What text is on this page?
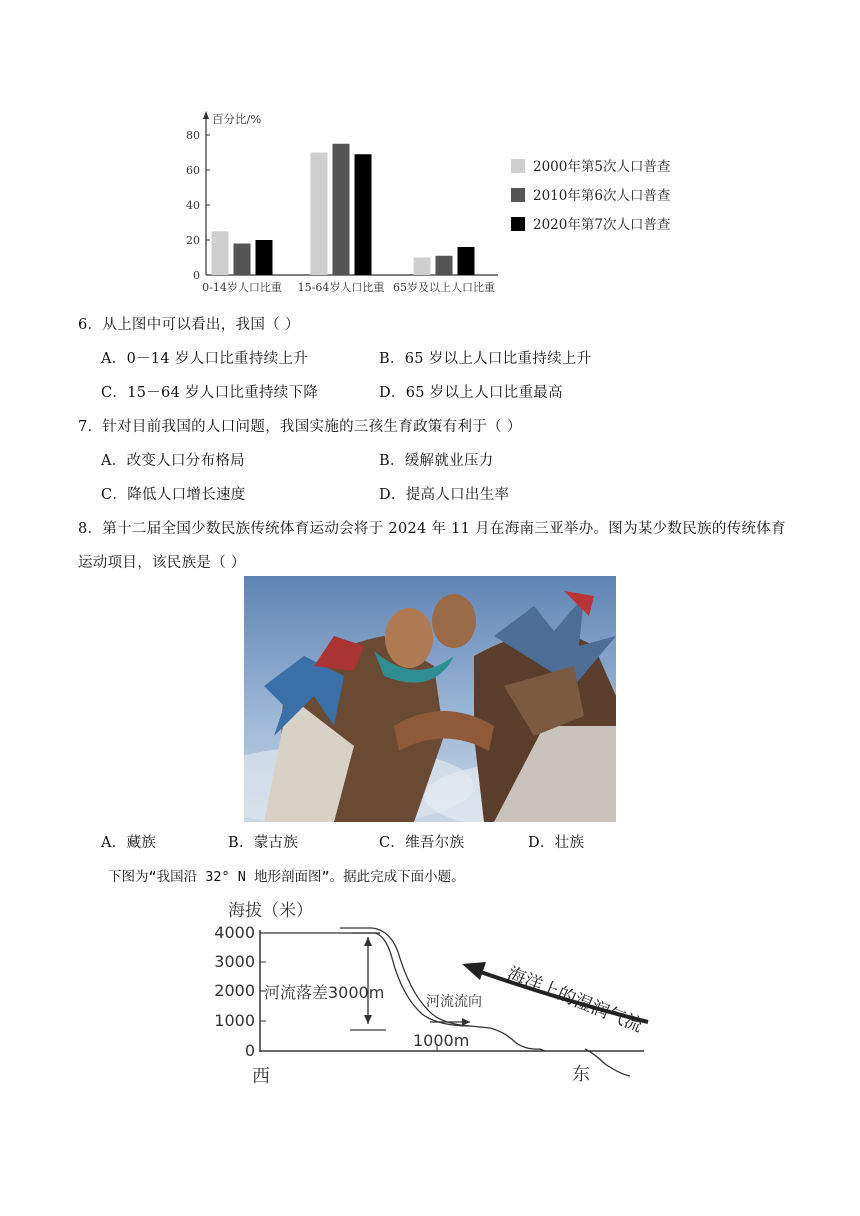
百分比/%
0
20
40
60
80
0-14岁人口比重 15-64岁人口比重 65岁及以上人口比重
2000年第5次人口普查
2010年第6次人口普查
2020年第7次人口普查
6．从上图中可以看出，我国（ ）
A．0－14 岁人口比重持续上升	B．65 岁以上人口比重持续上升
C．15－64 岁人口比重持续下降	D．65 岁以上人口比重最高
7．针对目前我国的人口问题，我国实施的三孩生育政策有利于（ ）
A．改变人口分布格局	B．缓解就业压力
C．降低人口增长速度	D．提高人口出生率
8．第十二届全国少数民族传统体育运动会将于 2024 年 11 月在海南三亚举办。图为某少数民族的传统体育
运动项目，该民族是（ ）
A．藏族	B．蒙古族	C．维吾尔族	D．壮族
下图为“我国沿 32° N 地形剖面图”。据此完成下面小题。
海拔（米）
4000
3000
2000
1000
0
河流落差3000m	河流流向
1000m
海洋上的湿润气流
西	东
